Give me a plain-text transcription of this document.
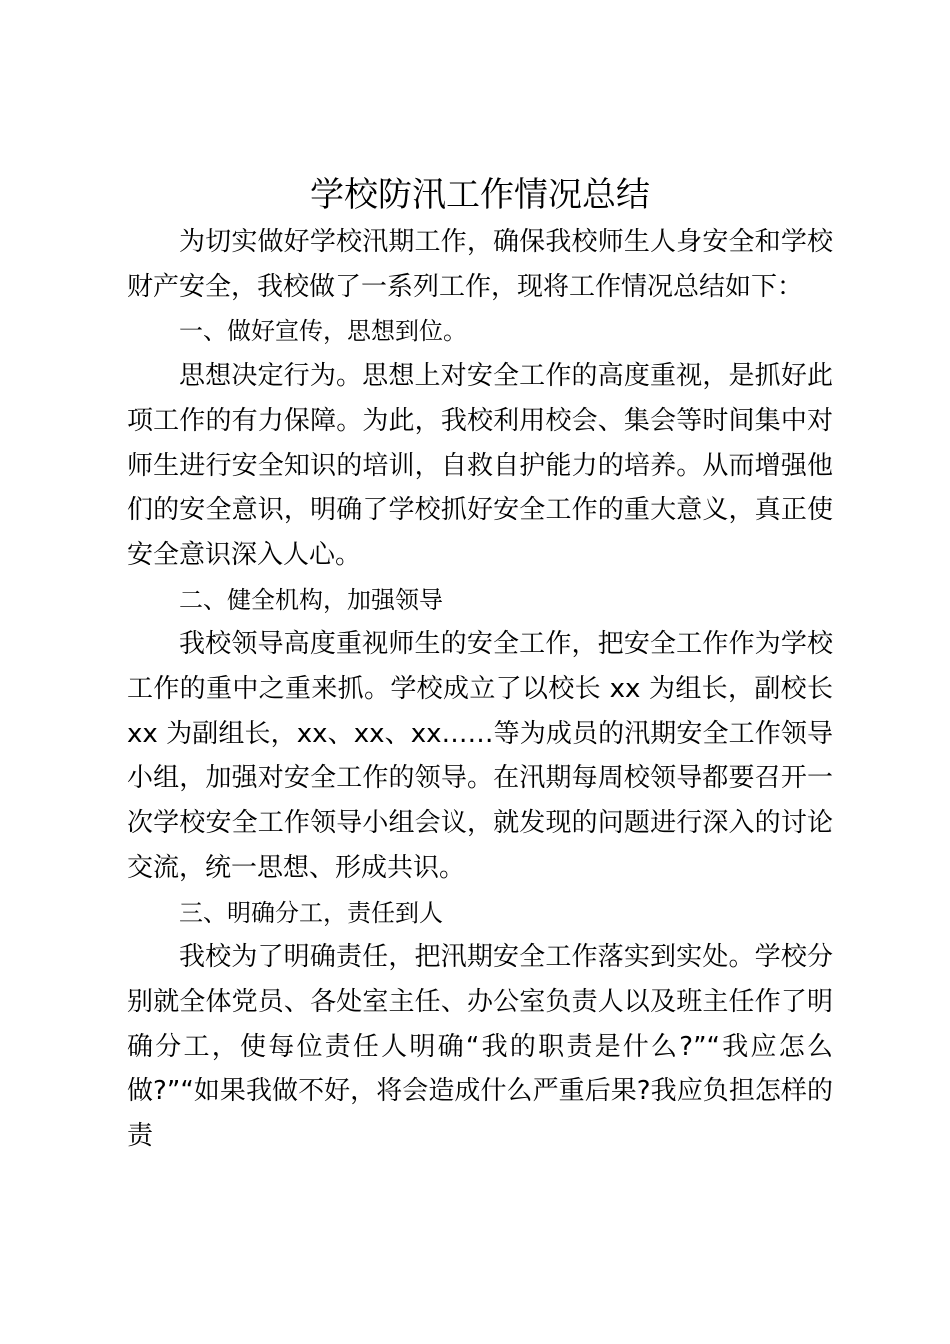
学校防汛工作情况总结

为切实做好学校汛期工作，确保我校师生人身安全和学校财产安全，我校做了一系列工作，现将工作情况总结如下：

一、做好宣传，思想到位。

思想决定行为。思想上对安全工作的高度重视，是抓好此项工作的有力保障。为此，我校利用校会、集会等时间集中对师生进行安全知识的培训，自救自护能力的培养。从而增强他们的安全意识，明确了学校抓好安全工作的重大意义，真正使安全意识深入人心。

二、健全机构，加强领导

我校领导高度重视师生的安全工作，把安全工作作为学校工作的重中之重来抓。学校成立了以校长 xx 为组长，副校长 xx 为副组长，xx、xx、xx……等为成员的汛期安全工作领导小组，加强对安全工作的领导。在汛期每周校领导都要召开一次学校安全工作领导小组会议，就发现的问题进行深入的讨论交流，统一思想、形成共识。

三、明确分工，责任到人

我校为了明确责任，把汛期安全工作落实到实处。学校分别就全体党员、各处室主任、办公室负责人以及班主任作了明确分工，使每位责任人明确“我的职责是什么?”“我应怎么做?”“如果我做不好，将会造成什么严重后果?我应负担怎样的责
